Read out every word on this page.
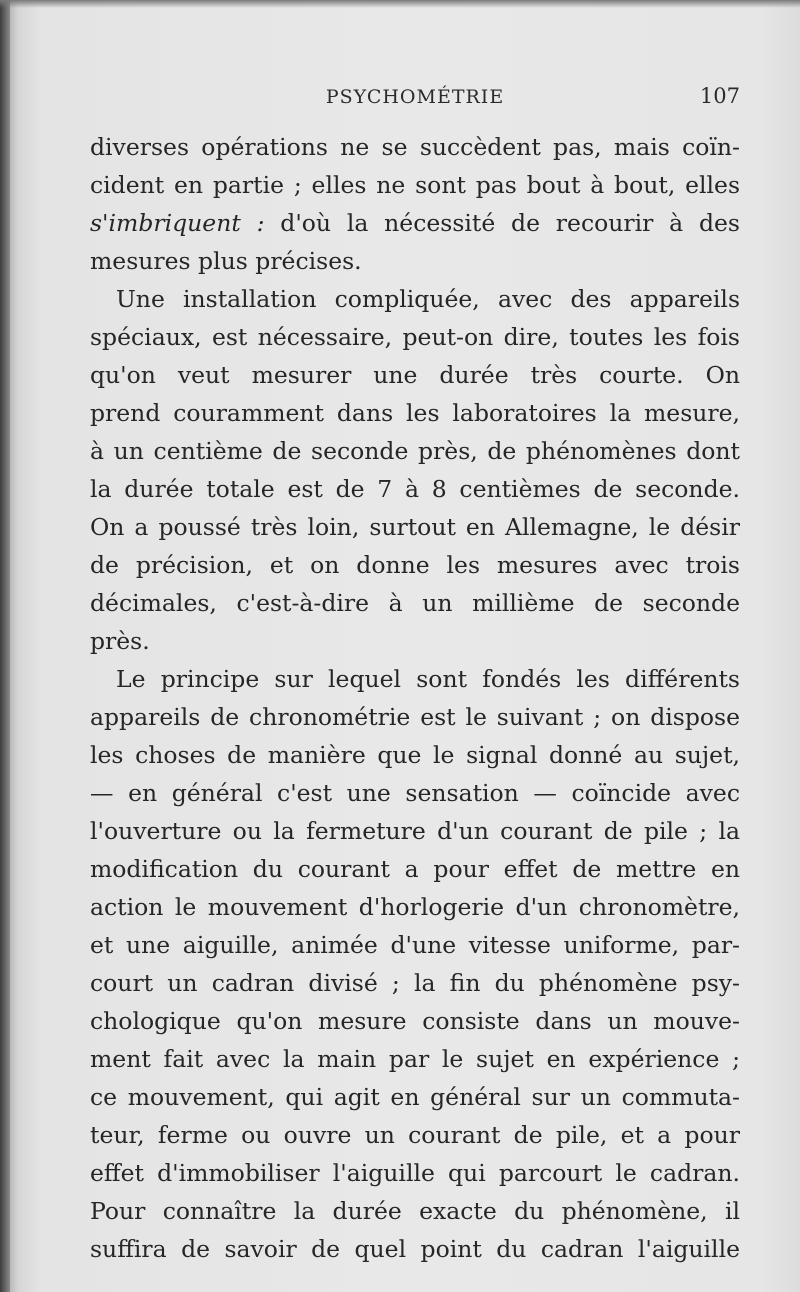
PSYCHOMÉTRIE	107
diverses opérations ne se succèdent pas, mais coïn-
cident en partie ; elles ne sont pas bout à bout, elles
s'imbriquent : d'où la nécessité de recourir à des
mesures plus précises.
Une installation compliquée, avec des appareils
spéciaux, est nécessaire, peut-on dire, toutes les fois
qu'on veut mesurer une durée très courte. On
prend couramment dans les laboratoires la mesure,
à un centième de seconde près, de phénomènes dont
la durée totale est de 7 à 8 centièmes de seconde.
On a poussé très loin, surtout en Allemagne, le désir
de précision, et on donne les mesures avec trois
décimales, c'est-à-dire à un millième de seconde
près.
Le principe sur lequel sont fondés les différents
appareils de chronométrie est le suivant ; on dispose
les choses de manière que le signal donné au sujet,
— en général c'est une sensation — coïncide avec
l'ouverture ou la fermeture d'un courant de pile ; la
modification du courant a pour effet de mettre en
action le mouvement d'horlogerie d'un chronomètre,
et une aiguille, animée d'une vitesse uniforme, par-
court un cadran divisé ; la fin du phénomène psy-
chologique qu'on mesure consiste dans un mouve-
ment fait avec la main par le sujet en expérience ;
ce mouvement, qui agit en général sur un commuta-
teur, ferme ou ouvre un courant de pile, et a pour
effet d'immobiliser l'aiguille qui parcourt le cadran.
Pour connaître la durée exacte du phénomène, il
suffira de savoir de quel point du cadran l'aiguille
